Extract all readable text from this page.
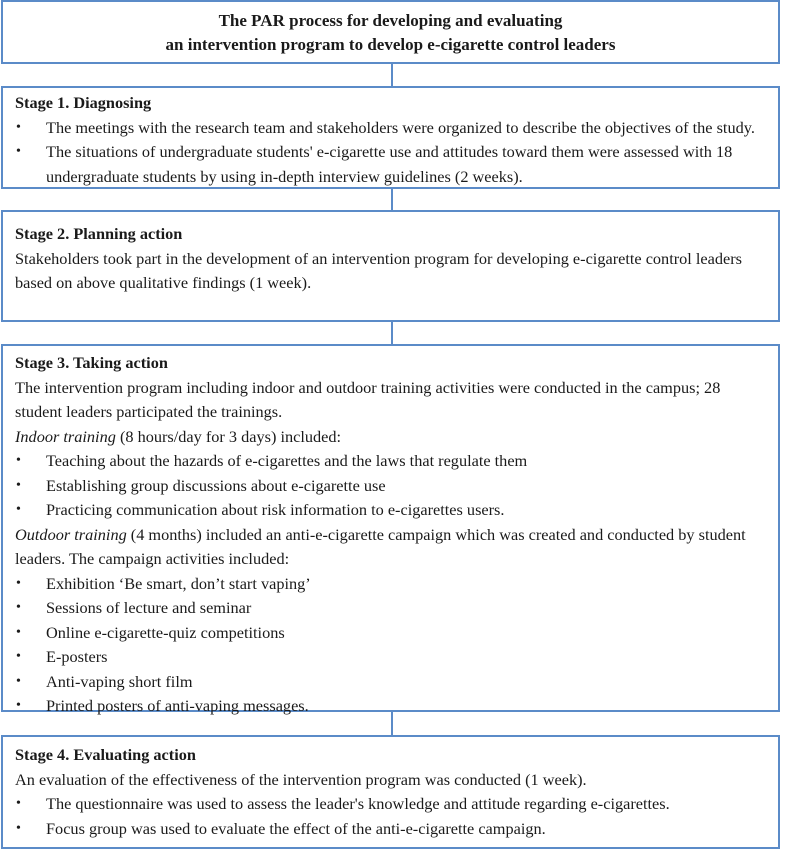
The PAR process for developing and evaluating
an intervention program to develop e-cigarette control leaders
Stage 1. Diagnosing
• The meetings with the research team and stakeholders were organized to describe the objectives of the study.
• The situations of undergraduate students' e-cigarette use and attitudes toward them were assessed with 18 undergraduate students by using in-depth interview guidelines (2 weeks).
Stage 2. Planning action
Stakeholders took part in the development of an intervention program for developing e-cigarette control leaders based on above qualitative findings (1 week).
Stage 3. Taking action
The intervention program including indoor and outdoor training activities were conducted in the campus; 28 student leaders participated the trainings.
Indoor training (8 hours/day for 3 days) included:
• Teaching about the hazards of e-cigarettes and the laws that regulate them
• Establishing group discussions about e-cigarette use
• Practicing communication about risk information to e-cigarettes users.
Outdoor training (4 months) included an anti-e-cigarette campaign which was created and conducted by student leaders. The campaign activities included:
• Exhibition ‘Be smart, don’t start vaping’
• Sessions of lecture and seminar
• Online e-cigarette-quiz competitions
• E-posters
• Anti-vaping short film
• Printed posters of anti-vaping messages.
Stage 4. Evaluating action
An evaluation of the effectiveness of the intervention program was conducted (1 week).
• The questionnaire was used to assess the leader's knowledge and attitude regarding e-cigarettes.
• Focus group was used to evaluate the effect of the anti-e-cigarette campaign.
